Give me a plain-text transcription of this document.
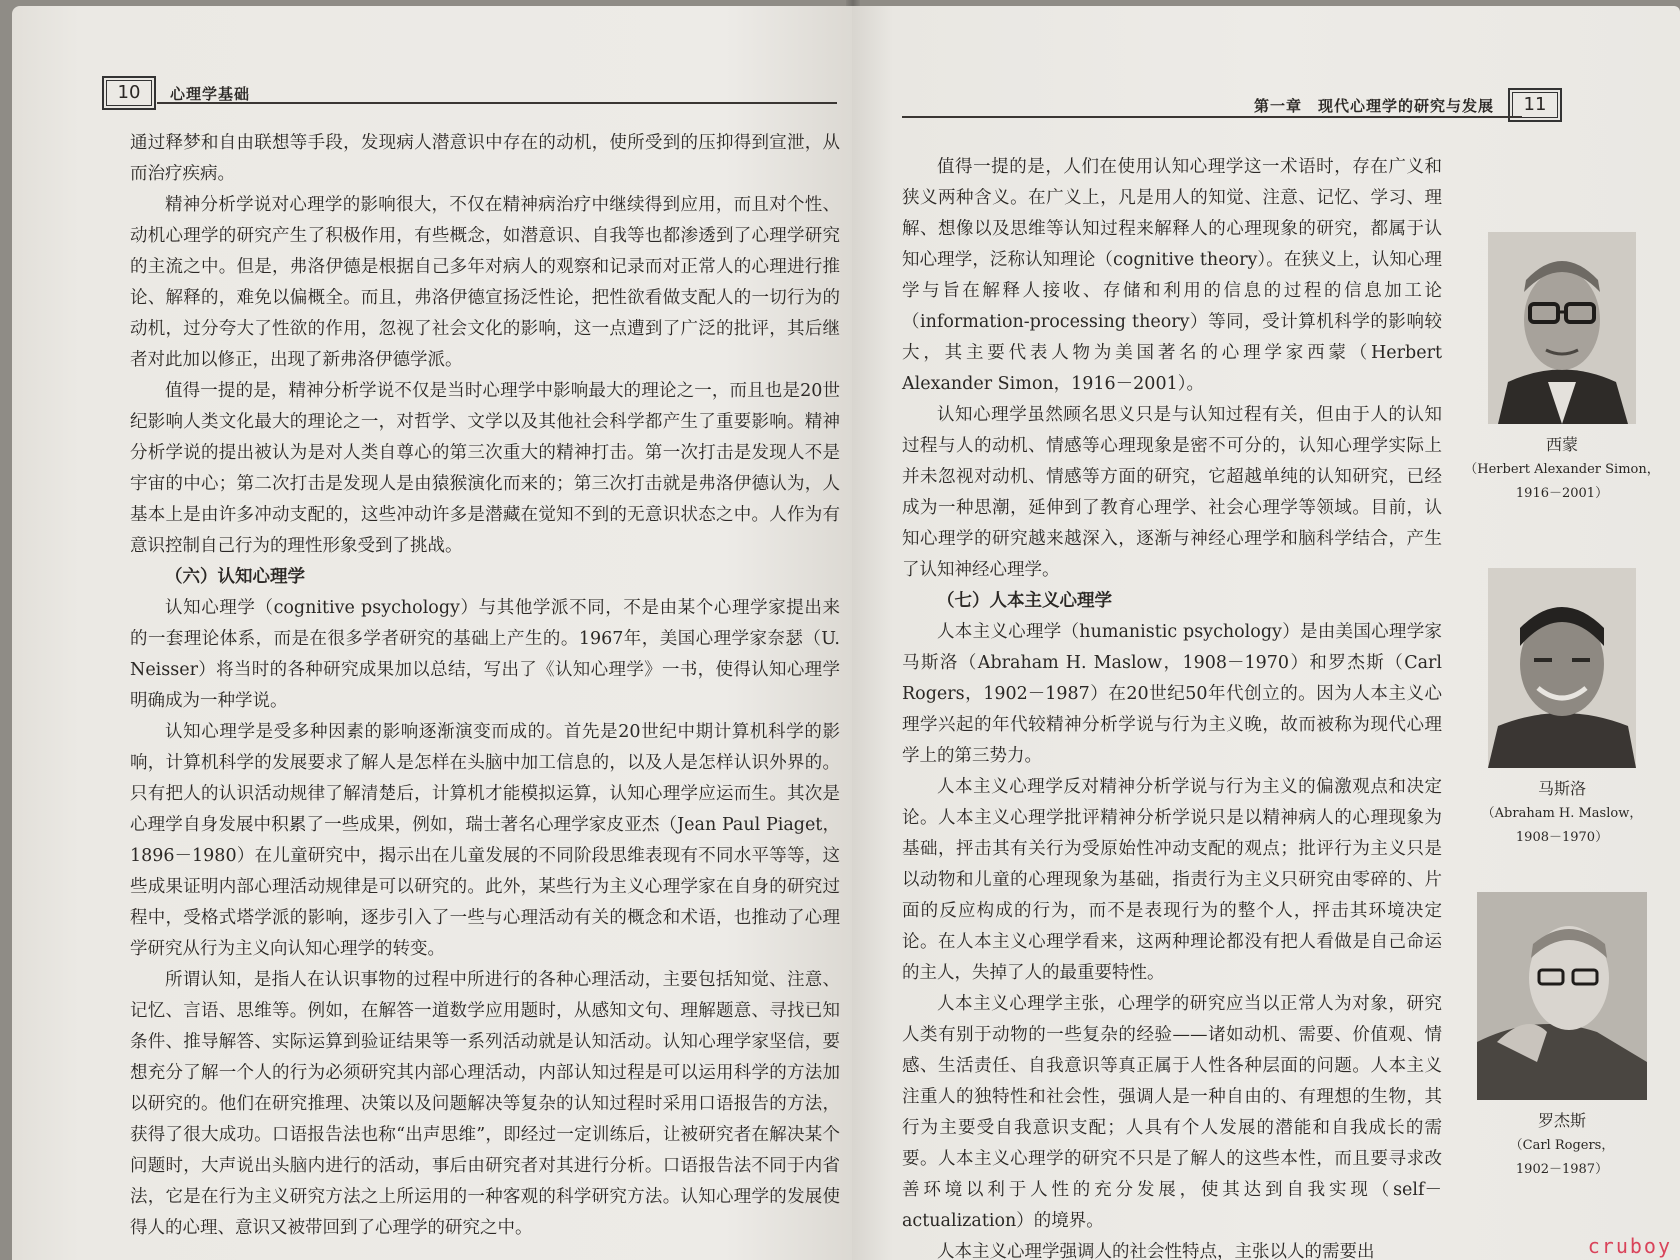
10	心理学基础

通过释梦和自由联想等手段，发现病人潜意识中存在的动机，使所受到的压抑得到宣泄，从而治疗疾病。

精神分析学说对心理学的影响很大，不仅在精神病治疗中继续得到应用，而且对个性、动机心理学的研究产生了积极作用，有些概念，如潜意识、自我等也都渗透到了心理学研究的主流之中。但是，弗洛伊德是根据自己多年对病人的观察和记录而对正常人的心理进行推论、解释的，难免以偏概全。而且，弗洛伊德宣扬泛性论，把性欲看做支配人的一切行为的动机，过分夸大了性欲的作用，忽视了社会文化的影响，这一点遭到了广泛的批评，其后继者对此加以修正，出现了新弗洛伊德学派。

值得一提的是，精神分析学说不仅是当时心理学中影响最大的理论之一，而且也是20世纪影响人类文化最大的理论之一，对哲学、文学以及其他社会科学都产生了重要影响。精神分析学说的提出被认为是对人类自尊心的第三次重大的精神打击。第一次打击是发现人不是宇宙的中心；第二次打击是发现人是由猿猴演化而来的；第三次打击就是弗洛伊德认为，人基本上是由许多冲动支配的，这些冲动许多是潜藏在觉知不到的无意识状态之中。人作为有意识控制自己行为的理性形象受到了挑战。

（六）认知心理学

认知心理学（cognitive psychology）与其他学派不同，不是由某个心理学家提出来的一套理论体系，而是在很多学者研究的基础上产生的。1967年，美国心理学家奈瑟（U. Neisser）将当时的各种研究成果加以总结，写出了《认知心理学》一书，使得认知心理学明确成为一种学说。

认知心理学是受多种因素的影响逐渐演变而成的。首先是20世纪中期计算机科学的影响，计算机科学的发展要求了解人是怎样在头脑中加工信息的，以及人是怎样认识外界的。只有把人的认识活动规律了解清楚后，计算机才能模拟运算，认知心理学应运而生。其次是心理学自身发展中积累了一些成果，例如，瑞士著名心理学家皮亚杰（Jean Paul Piaget，1896－1980）在儿童研究中，揭示出在儿童发展的不同阶段思维表现有不同水平等等，这些成果证明内部心理活动规律是可以研究的。此外，某些行为主义心理学家在自身的研究过程中，受格式塔学派的影响，逐步引入了一些与心理活动有关的概念和术语，也推动了心理学研究从行为主义向认知心理学的转变。

所谓认知，是指人在认识事物的过程中所进行的各种心理活动，主要包括知觉、注意、记忆、言语、思维等。例如，在解答一道数学应用题时，从感知文句、理解题意、寻找已知条件、推导解答、实际运算到验证结果等一系列活动就是认知活动。认知心理学家坚信，要想充分了解一个人的行为必须研究其内部心理活动，内部认知过程是可以运用科学的方法加以研究的。他们在研究推理、决策以及问题解决等复杂的认知过程时采用口语报告的方法，获得了很大成功。口语报告法也称“出声思维”，即经过一定训练后，让被研究者在解决某个问题时，大声说出头脑内进行的活动，事后由研究者对其进行分析。口语报告法不同于内省法，它是在行为主义研究方法之上所运用的一种客观的科学研究方法。认知心理学的发展使得人的心理、意识又被带回到了心理学的研究之中。

第一章　现代心理学的研究与发展	11

值得一提的是，人们在使用认知心理学这一术语时，存在广义和狭义两种含义。在广义上，凡是用人的知觉、注意、记忆、学习、理解、想像以及思维等认知过程来解释人的心理现象的研究，都属于认知心理学，泛称认知理论（cognitive theory）。在狭义上，认知心理学与旨在解释人接收、存储和利用的信息的过程的信息加工论（information-processing theory）等同，受计算机科学的影响较大，其主要代表人物为美国著名的心理学家西蒙（Herbert Alexander Simon，1916－2001）。

认知心理学虽然顾名思义只是与认知过程有关，但由于人的认知过程与人的动机、情感等心理现象是密不可分的，认知心理学实际上并未忽视对动机、情感等方面的研究，它超越单纯的认知研究，已经成为一种思潮，延伸到了教育心理学、社会心理学等领域。目前，认知心理学的研究越来越深入，逐渐与神经心理学和脑科学结合，产生了认知神经心理学。

（七）人本主义心理学

人本主义心理学（humanistic psychology）是由美国心理学家马斯洛（Abraham H. Maslow，1908－1970）和罗杰斯（Carl Rogers，1902－1987）在20世纪50年代创立的。因为人本主义心理学兴起的年代较精神分析学说与行为主义晚，故而被称为现代心理学上的第三势力。

人本主义心理学反对精神分析学说与行为主义的偏激观点和决定论。人本主义心理学批评精神分析学说只是以精神病人的心理现象为基础，抨击其有关行为受原始性冲动支配的观点；批评行为主义只是以动物和儿童的心理现象为基础，指责行为主义只研究由零碎的、片面的反应构成的行为，而不是表现行为的整个人，抨击其环境决定论。在人本主义心理学看来，这两种理论都没有把人看做是自己命运的主人，失掉了人的最重要特性。

人本主义心理学主张，心理学的研究应当以正常人为对象，研究人类有别于动物的一些复杂的经验——诸如动机、需要、价值观、情感、生活责任、自我意识等真正属于人性各种层面的问题。人本主义注重人的独特性和社会性，强调人是一种自由的、有理想的生物，其行为主要受自我意识支配；人具有个人发展的潜能和自我成长的需要。人本主义心理学的研究不只是了解人的这些本性，而且要寻求改善环境以利于人性的充分发展，使其达到自我实现（self－actualization）的境界。

人本主义心理学强调人的社会性特点，主张以人的需要出

西蒙
（Herbert Alexander Simon，
1916－2001）
马斯洛
（Abraham H. Maslow，
1908－1970）
罗杰斯
（Carl Rogers，
1902－1987）
cruboy
